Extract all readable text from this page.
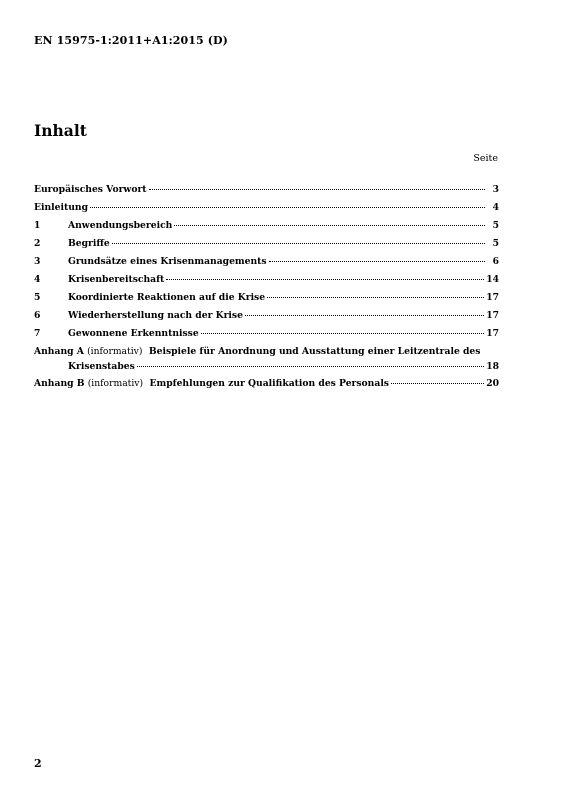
EN 15975-1:2011+A1:2015 (D)
Inhalt
Seite
Europäisches Vorwort	3
Einleitung	4
1	Anwendungsbereich	5
2	Begriffe	5
3	Grundsätze eines Krisenmanagements	6
4	Krisenbereitschaft	14
5	Koordinierte Reaktionen auf die Krise	17
6	Wiederherstellung nach der Krise	17
7	Gewonnene Erkenntnisse	17
Anhang A (informativ) Beispiele für Anordnung und Ausstattung einer Leitzentrale des
Krisenstabes	18
Anhang B (informativ) Empfehlungen zur Qualifikation des Personals	20
2
